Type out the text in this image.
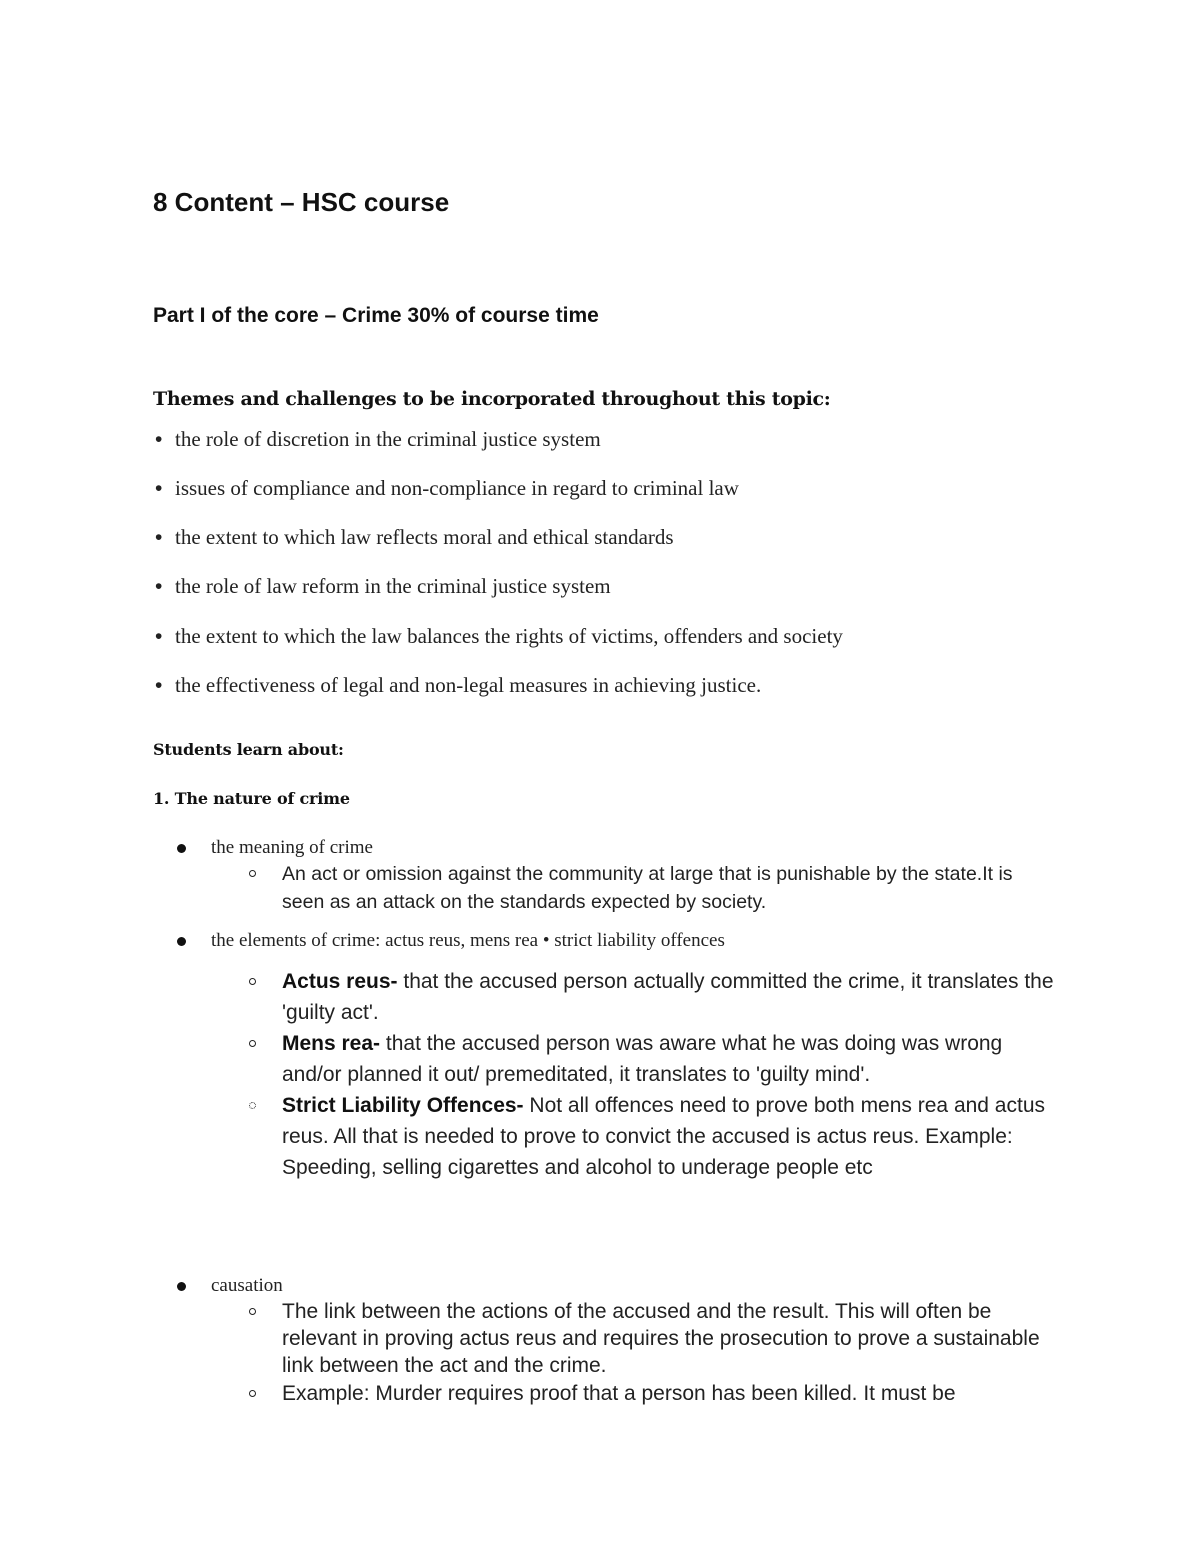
8 Content – HSC course
Part I of the core – Crime 30% of course time
Themes and challenges to be incorporated throughout this topic:
• the role of discretion in the criminal justice system
• issues of compliance and non-compliance in regard to criminal law
• the extent to which law reflects moral and ethical standards
• the role of law reform in the criminal justice system
• the extent to which the law balances the rights of victims, offenders and society
• the effectiveness of legal and non-legal measures in achieving justice.
Students learn about:
1. The nature of crime
the meaning of crime
An act or omission against the community at large that is punishable by the state.It is seen as an attack on the standards expected by society.
the elements of crime: actus reus, mens rea • strict liability offences
Actus reus- that the accused person actually committed the crime, it translates the 'guilty act'.
Mens rea- that the accused person was aware what he was doing was wrong and/or planned it out/ premeditated, it translates to 'guilty mind'.
Strict Liability Offences- Not all offences need to prove both mens rea and actus reus. All that is needed to prove to convict the accused is actus reus. Example: Speeding, selling cigarettes and alcohol to underage people etc
causation
The link between the actions of the accused and the result. This will often be relevant in proving actus reus and requires the prosecution to prove a sustainable link between the act and the crime.
Example: Murder requires proof that a person has been killed. It must be
